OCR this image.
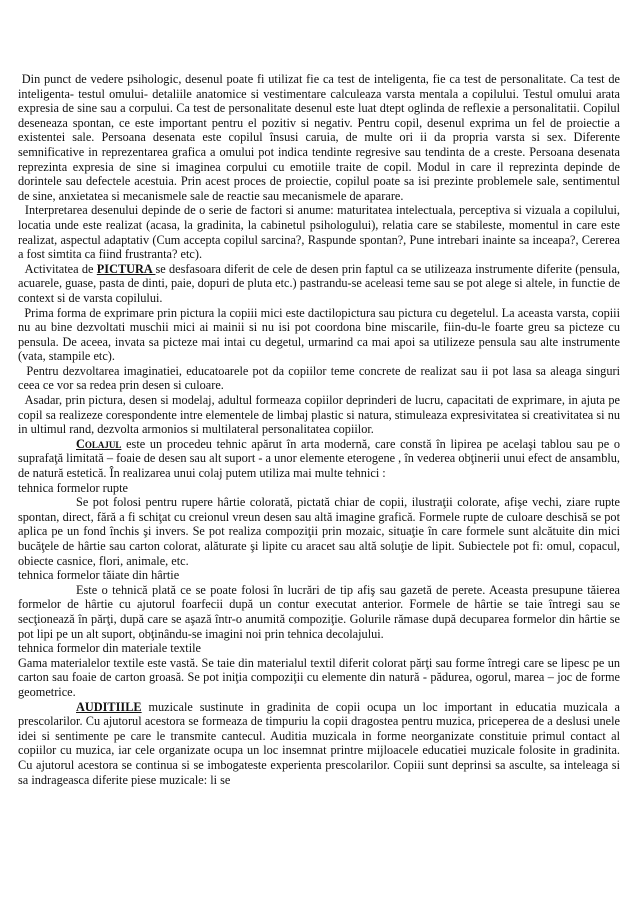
Din punct de vedere psihologic, desenul poate fi utilizat fie ca test de inteligenta, fie ca test de personalitate. Ca test de inteligenta- testul omului- detaliile anatomice si vestimentare calculeaza varsta mentala a copilului. Testul omului arata expresia de sine sau a corpului. Ca test de personalitate desenul este luat dtept oglinda de reflexie a personalitatii. Copilul deseneaza spontan, ce este important pentru el pozitiv si negativ. Pentru copil, desenul exprima un fel de proiectie a existentei sale. Persoana desenata este copilul însusi caruia, de multe ori ii da propria varsta si sex. Diferente semnificative in reprezentarea grafica a omului pot indica tendinte regresive sau tendinta de a creste. Persoana desenata reprezinta expresia de sine si imaginea corpului cu emotiile traite de copil. Modul in care il reprezinta depinde de dorintele sau defectele acestuia. Prin acest proces de proiectie, copilul poate sa isi prezinte problemele sale, sentimentul de sine, anxietatea si mecanismele sale de reactie sau mecanismele de aparare.

Interpretarea desenului depinde de o serie de factori si anume: maturitatea intelectuala, perceptiva si vizuala a copilului, locatia unde este realizat (acasa, la gradinita, la cabinetul psihologului), relatia care se stabileste, momentul in care este realizat, aspectul adaptativ (Cum accepta copilul sarcina?, Raspunde spontan?, Pune intrebari inainte sa inceapa?, Cererea a fost simtita ca fiind frustranta? etc).

Activitatea de PICTURA se desfasoara diferit de cele de desen prin faptul ca se utilizeaza instrumente diferite (pensula, acuarele, guase, pasta de dinti, paie, dopuri de pluta etc.) pastrandu-se aceleasi teme sau se pot alege si altele, in functie de context si de varsta copilului.

Prima forma de exprimare prin pictura la copiii mici este dactilopictura sau pictura cu degetelul. La aceasta varsta, copiii nu au bine dezvoltati muschii mici ai mainii si nu isi pot coordona bine miscarile, fiin-du-le foarte greu sa picteze cu pensula. De aceea, invata sa picteze mai intai cu degetul, urmarind ca mai apoi sa utilizeze pensula sau alte instrumente (vata, stampile etc).

Pentru dezvoltarea imaginatiei, educatoarele pot da copiilor teme concrete de realizat sau ii pot lasa sa aleaga singuri ceea ce vor sa redea prin desen si culoare.

Asadar, prin pictura, desen si modelaj, adultul formeaza copiilor deprinderi de lucru, capacitati de exprimare, in ajuta pe copil sa realizeze corespondente intre elementele de limbaj plastic si natura, stimuleaza expresivitatea si creativitatea si nu in ultimul rand, dezvolta armonios si multilateral personalitatea copiilor.

Colajul este un procedeu tehnic apărut în arta modernă, care constă în lipirea pe acelaşi tablou sau pe o suprafaţă limitată – foaie de desen sau alt suport - a unor elemente eterogene , în vederea obţinerii unui efect de ansamblu, de natură estetică. În realizarea unui colaj putem utiliza mai multe tehnici :

tehnica formelor rupte

Se pot folosi pentru rupere hârtie colorată, pictată chiar de copii, ilustraţii colorate, afişe vechi, ziare rupte spontan, direct, fără a fi schiţat cu creionul vreun desen sau altă imagine grafică. Formele rupte de culoare deschisă se pot aplica pe un fond închis şi invers. Se pot realiza compoziţii prin mozaic, situaţie în care formele sunt alcătuite din mici bucăţele de hârtie sau carton colorat, alăturate şi lipite cu aracet sau altă soluţie de lipit. Subiectele pot fi: omul, copacul, obiecte casnice, flori, animale, etc.

tehnica formelor tăiate din hârtie

Este o tehnică plată ce se poate folosi în lucrări de tip afiş sau gazetă de perete. Aceasta presupune tăierea formelor de hârtie cu ajutorul foarfecii după un contur executat anterior. Formele de hârtie se taie întregi sau se secţionează în părţi, după care se aşază într-o anumită compoziţie. Golurile rămase după decuparea formelor din hârtie se pot lipi pe un alt suport, obţinându-se imagini noi prin tehnica decolajului.

tehnica formelor din materiale textile

Gama materialelor textile este vastă. Se taie din materialul textil diferit colorat părţi sau forme întregi care se lipesc pe un carton sau foaie de carton groasă. Se pot iniţia compoziţii cu elemente din natură - pădurea, ogorul, marea – joc de forme geometrice.

AUDITIILE muzicale sustinute in gradinita de copii ocupa un loc important in educatia muzicala a prescolarilor. Cu ajutorul acestora se formeaza de timpuriu la copii dragostea pentru muzica, priceperea de a deslusi unele idei si sentimente pe care le transmite cantecul. Auditia muzicala in forme neorganizate constituie primul contact al copiilor cu muzica, iar cele organizate ocupa un loc insemnat printre mijloacele educatiei muzicale folosite in gradinita. Cu ajutorul acestora se continua si se imbogateste experienta prescolarilor. Copiii sunt deprinsi sa asculte, sa inteleaga si sa indrageasca diferite piese muzicale: li se
